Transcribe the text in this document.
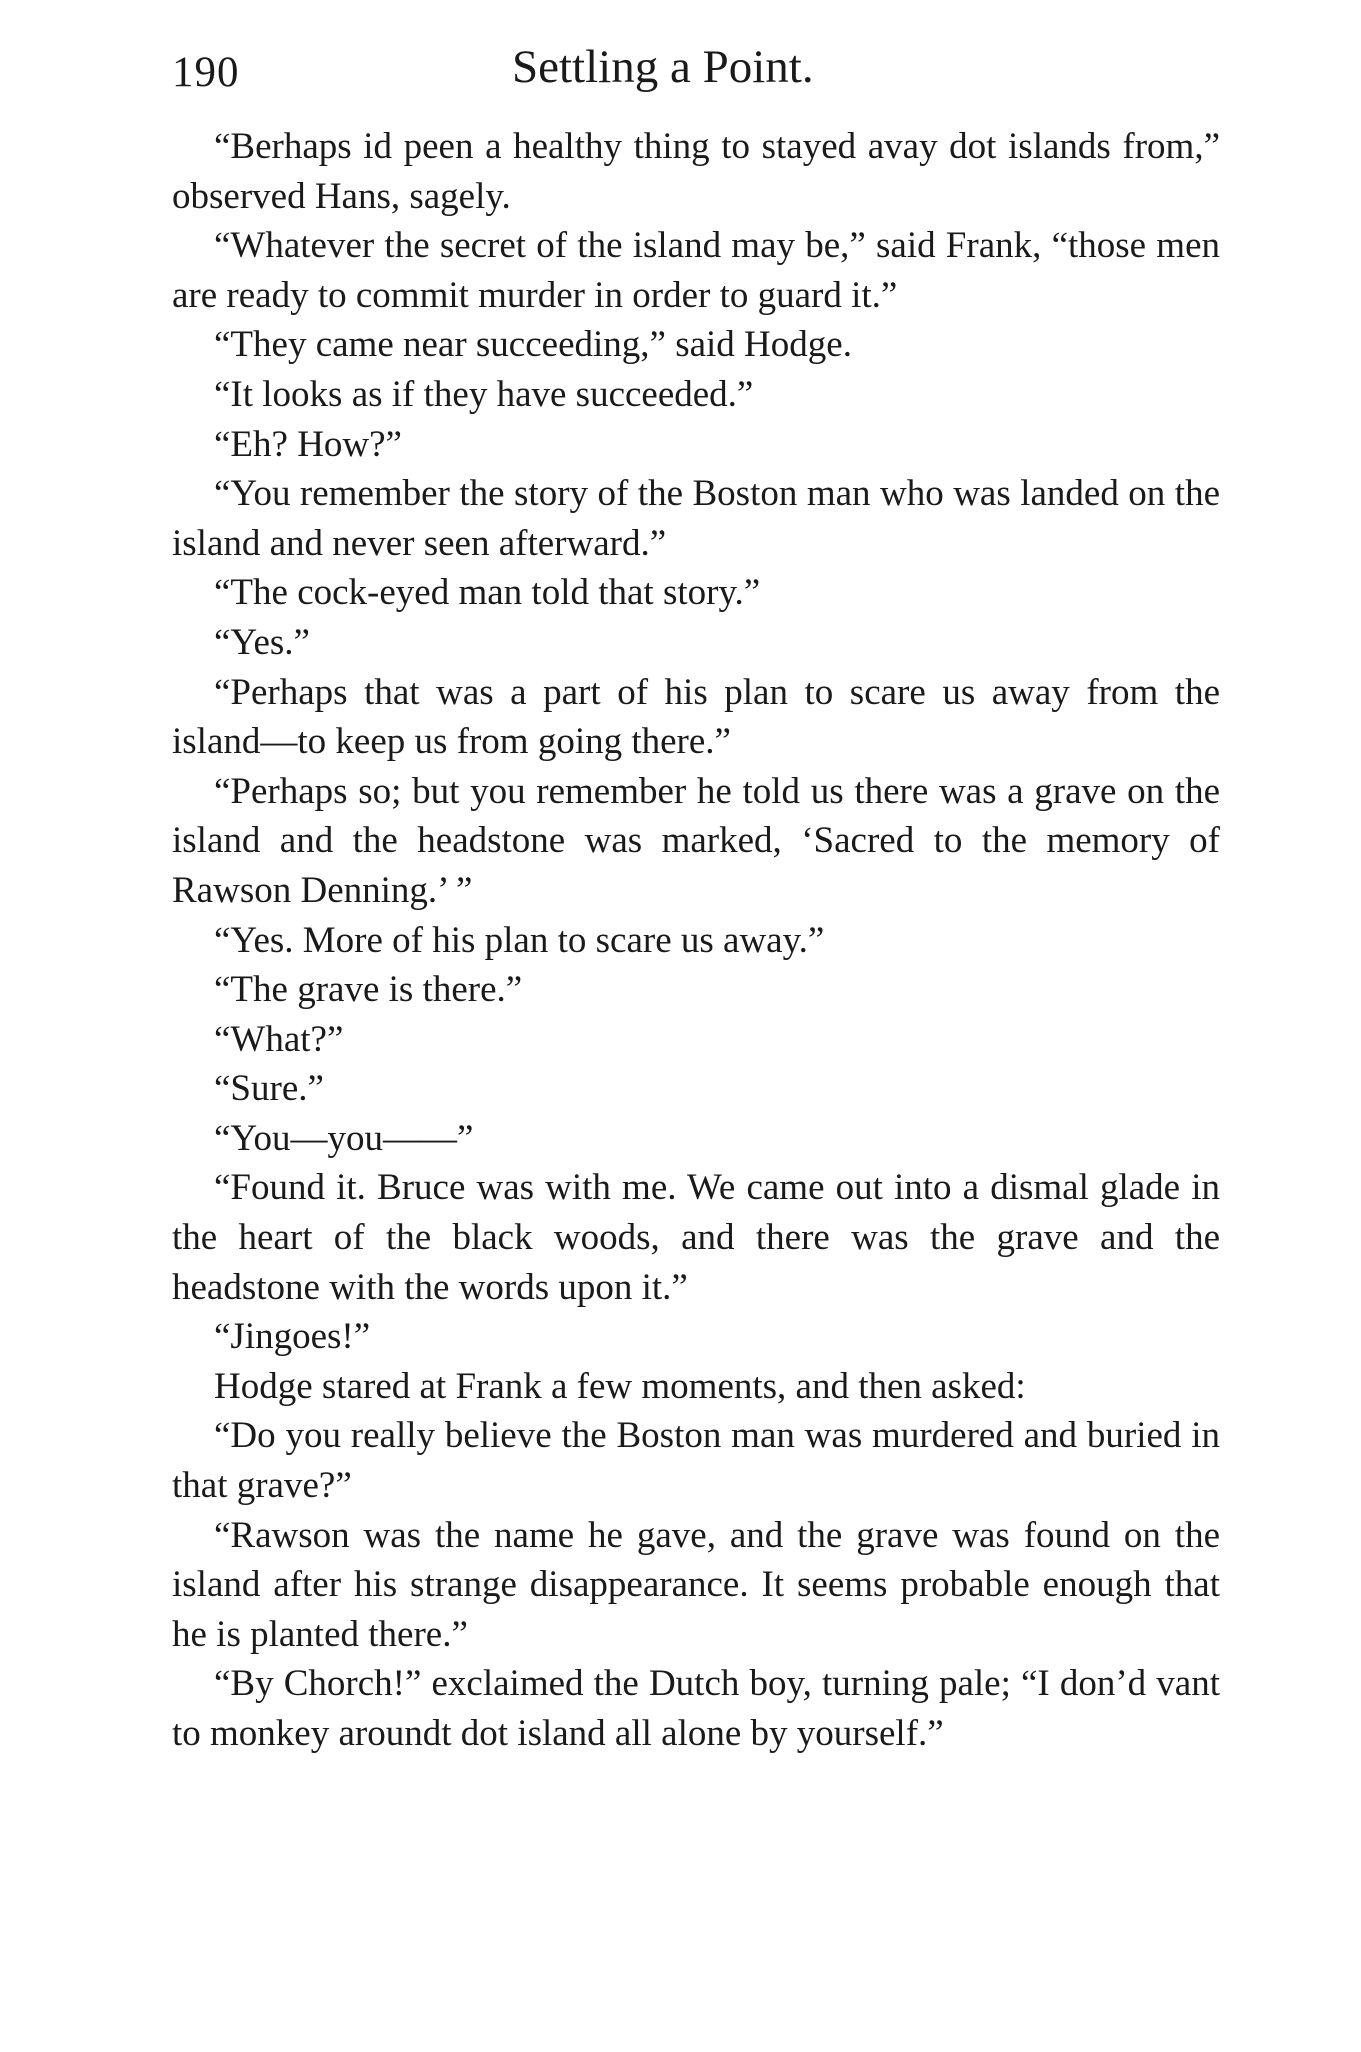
190	Settling a Point.

“Berhaps id peen a healthy thing to stayed avay dot islands from,” observed Hans, sagely.

“Whatever the secret of the island may be,” said Frank, “those men are ready to commit murder in order to guard it.”

“They came near succeeding,” said Hodge.

“It looks as if they have succeeded.”

“Eh? How?”

“You remember the story of the Boston man who was landed on the island and never seen afterward.”

“The cock-eyed man told that story.”

“Yes.”

“Perhaps that was a part of his plan to scare us away from the island—to keep us from going there.”

“Perhaps so; but you remember he told us there was a grave on the island and the headstone was marked, ‘Sacred to the memory of Rawson Denning.’ ”

“Yes. More of his plan to scare us away.”

“The grave is there.”

“What?”

“Sure.”

“You—you——”

“Found it. Bruce was with me. We came out into a dismal glade in the heart of the black woods, and there was the grave and the headstone with the words upon it.”

“Jingoes!”

Hodge stared at Frank a few moments, and then asked:

“Do you really believe the Boston man was murdered and buried in that grave?”

“Rawson was the name he gave, and the grave was found on the island after his strange disappearance. It seems probable enough that he is planted there.”

“By Chorch!” exclaimed the Dutch boy, turning pale; “I don’d vant to monkey aroundt dot island all alone by yourself.”
